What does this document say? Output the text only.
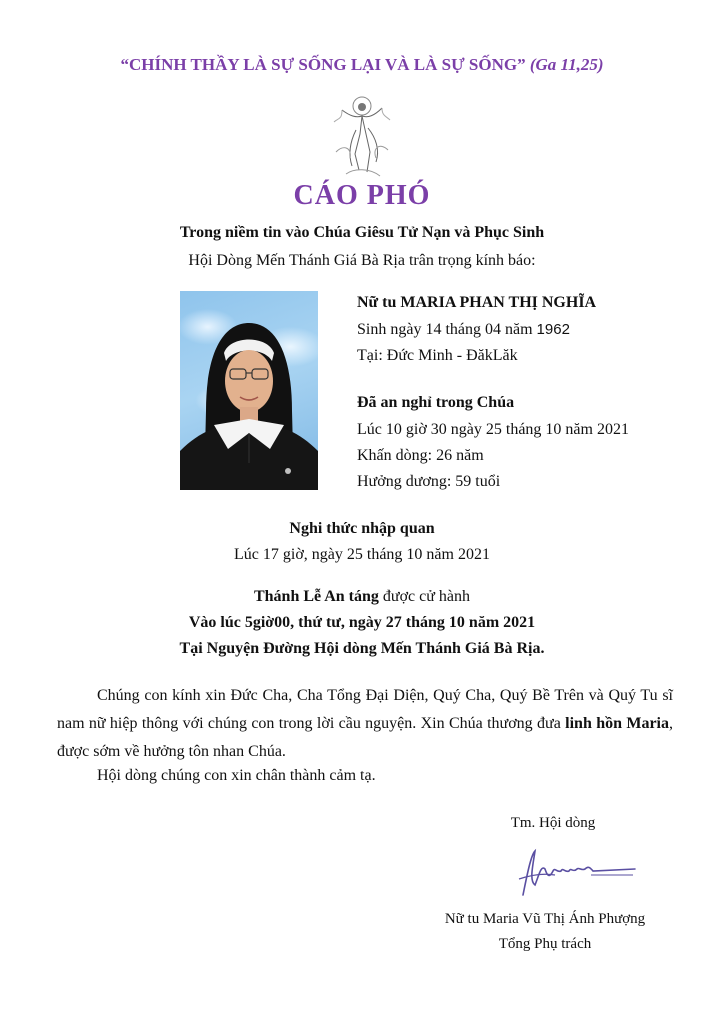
“CHÍNH THẦY LÀ SỰ SỐNG LẠI VÀ LÀ SỰ SỐNG” (Ga 11,25)
CÁO PHÓ
Trong niềm tin vào Chúa Giêsu Tử Nạn và Phục Sinh
Hội Dòng Mến Thánh Giá Bà Rịa trân trọng kính báo:
Nữ tu MARIA PHAN THỊ NGHĨA
Sinh ngày 14 tháng 04 năm 1962
Tại: Đức Minh - ĐăkLăk
Đã an nghỉ trong Chúa
Lúc 10 giờ 30 ngày 25 tháng 10 năm 2021
Khấn dòng: 26 năm
Hưởng dương: 59 tuổi
Nghi thức nhập quan
Lúc 17 giờ, ngày 25 tháng 10 năm 2021
Thánh Lễ An táng được cử hành
Vào lúc 5giờ00, thứ tư, ngày 27 tháng 10 năm 2021
Tại Nguyện Đường Hội dòng Mến Thánh Giá Bà Rịa.
Chúng con kính xin Đức Cha, Cha Tổng Đại Diện, Quý Cha, Quý Bề Trên và Quý Tu sĩ nam nữ hiệp thông với chúng con trong lời cầu nguyện. Xin Chúa thương đưa linh hồn Maria, được sớm về hưởng tôn nhan Chúa.
Hội dòng chúng con xin chân thành cảm tạ.
Tm. Hội dòng
Nữ tu Maria Vũ Thị Ánh Phượng
Tổng Phụ trách
